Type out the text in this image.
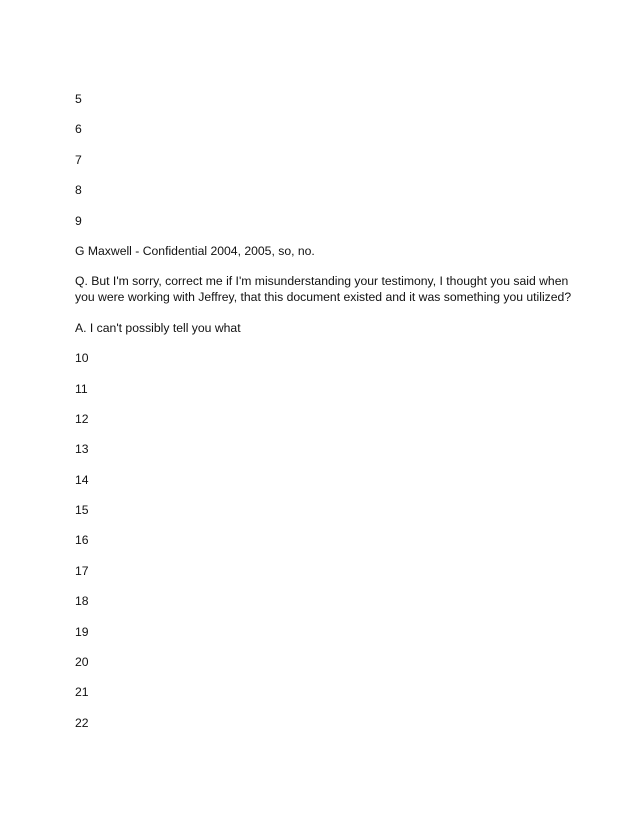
5
6
7
8
9
G Maxwell - Confidential 2004, 2005, so, no.
Q. But I'm sorry, correct me if I'm misunderstanding your testimony, I thought you said when you were working with Jeffrey, that this document existed and it was something you utilized?
A. I can't possibly tell you what
10
11
12
13
14
15
16
17
18
19
20
21
22
